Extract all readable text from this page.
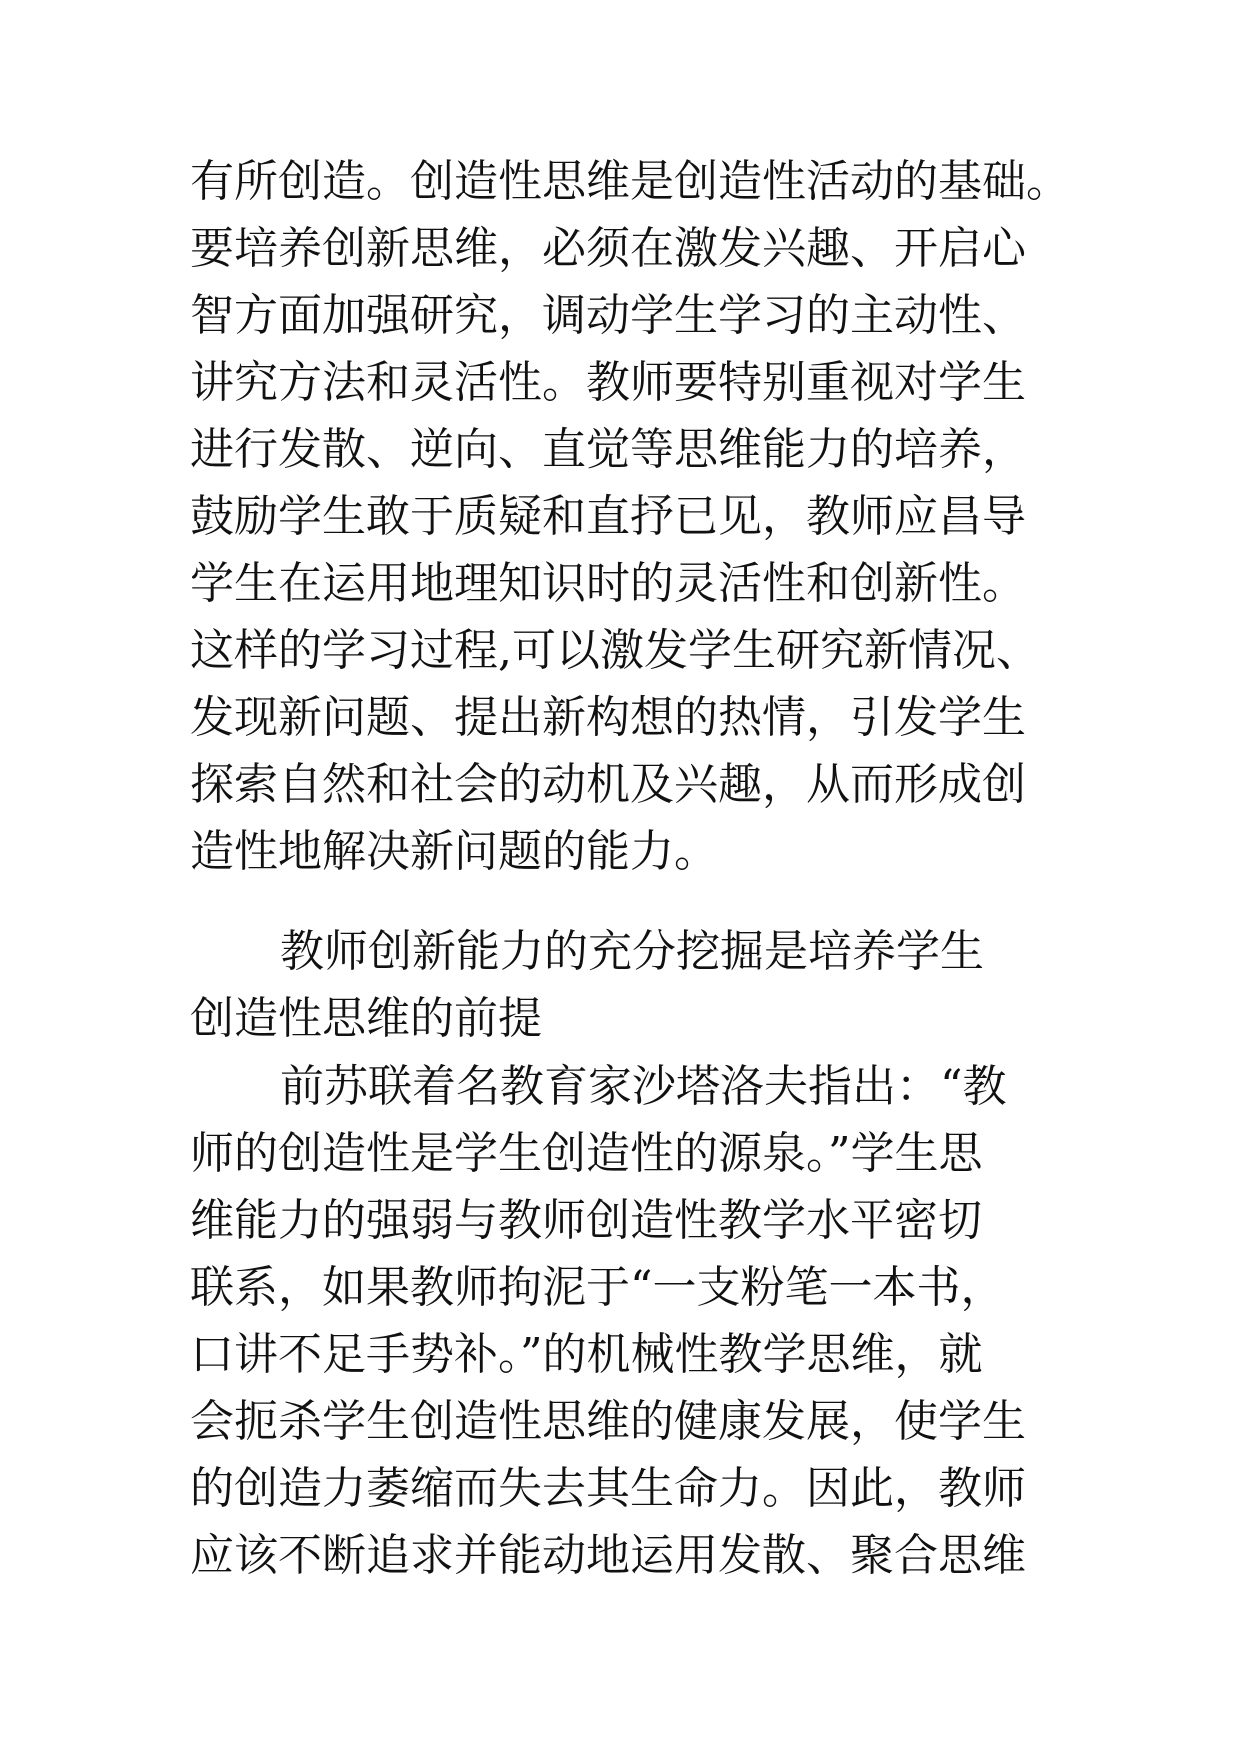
有所创造。创造性思维是创造性活动的基础。
要培养创新思维，必须在激发兴趣、开启心
智方面加强研究，调动学生学习的主动性、
讲究方法和灵活性。教师要特别重视对学生
进行发散、逆向、直觉等思维能力的培养，
鼓励学生敢于质疑和直抒已见，教师应昌导
学生在运用地理知识时的灵活性和创新性。
这样的学习过程,可以激发学生研究新情况、
发现新问题、提出新构想的热情，引发学生
探索自然和社会的动机及兴趣，从而形成创
造性地解决新问题的能力。
教师创新能力的充分挖掘是培养学生
创造性思维的前提
前苏联着名教育家沙塔洛夫指出：“教
师的创造性是学生创造性的源泉。”学生思
维能力的强弱与教师创造性教学水平密切
联系，如果教师拘泥于“一支粉笔一本书，
口讲不足手势补。”的机械性教学思维，就
会扼杀学生创造性思维的健康发展，使学生
的创造力萎缩而失去其生命力。因此，教师
应该不断追求并能动地运用发散、聚合思维
